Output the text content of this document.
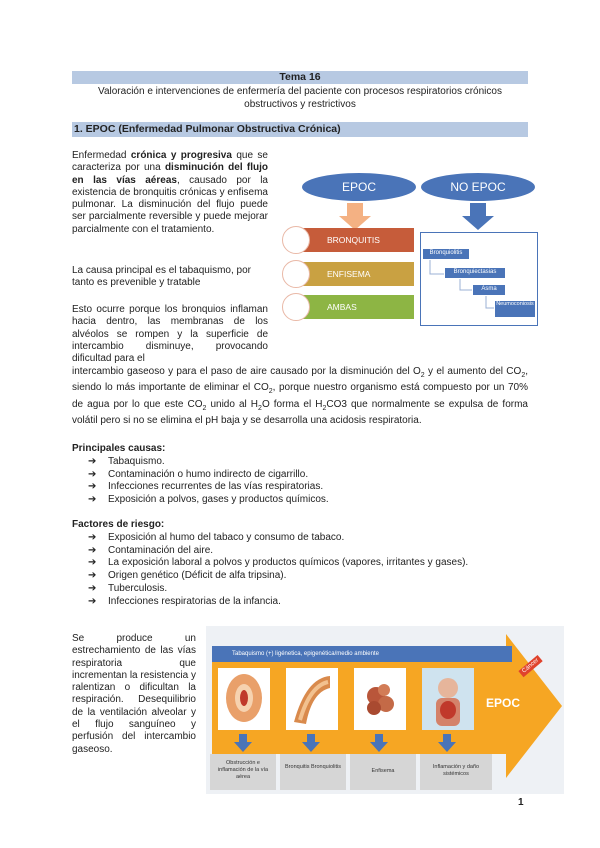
Tema 16
Valoración e intervenciones de enfermería del paciente con procesos respiratorios crónicos
obstructivos y restrictivos
1. EPOC (Enfermedad Pulmonar Obstructiva Crónica)
Enfermedad crónica y progresiva que se caracteriza por una disminución del flujo en las vías aéreas, causado por la existencia de bronquitis crónicas y enfisema pulmonar. La disminución del flujo puede ser parcialmente reversible y puede mejorar parcialmente con el tratamiento.
La causa principal es el tabaquismo, por tanto es prevenible y tratable
Esto ocurre porque los bronquios inflaman hacia dentro, las membranas de los alvéolos se rompen y la superficie de intercambio disminuye, provocando dificultad para el
intercambio gaseoso y para el paso de aire causado por la disminución del $O_2$ y el aumento del $CO_2$, siendo lo más importante de eliminar el $CO_2$, porque nuestro organismo está compuesto por un 70% de agua por lo que este $CO_2$ unido al $H_2O$ forma el $H_2CO3$ que normalmente se expulsa de forma volátil pero si no se elimina el pH baja y se desarrolla una acidosis respiratoria.
Principales causas:
➔ Tabaquismo.
➔ Contaminación o humo indirecto de cigarrillo.
➔ Infecciones recurrentes de las vías respiratorias.
➔ Exposición a polvos, gases y productos químicos.
Factores de riesgo:
➔ Exposición al humo del tabaco y consumo de tabaco.
➔ Contaminación del aire.
➔ La exposición laboral a polvos y productos químicos (vapores, irritantes y gases).
➔ Origen genético (Déficit de alfa tripsina).
➔ Tuberculosis.
➔ Infecciones respiratorias de la infancia.
Se produce un estrechamiento de las vías respiratoria que incrementan la resistencia y ralentizan o dificultan la respiración. Desequilibrio de la ventilación alveolar y el flujo sanguíneo y perfusión del intercambio gaseoso.
EPOC	NO EPOC
BRONQUITIS
ENFISEMA
AMBAS
Bronquiolitis
Bronquiectasias
Asma
Neumoconiosis
Tabaquismo (+) ligénetica, epigenética/medio ambiente
EPOC
Cáncer
Obstrucción e inflamación de la vía aérea
Bronquitis Bronquiolitis
Enfisema
Inflamación y daño sistémicos
1
